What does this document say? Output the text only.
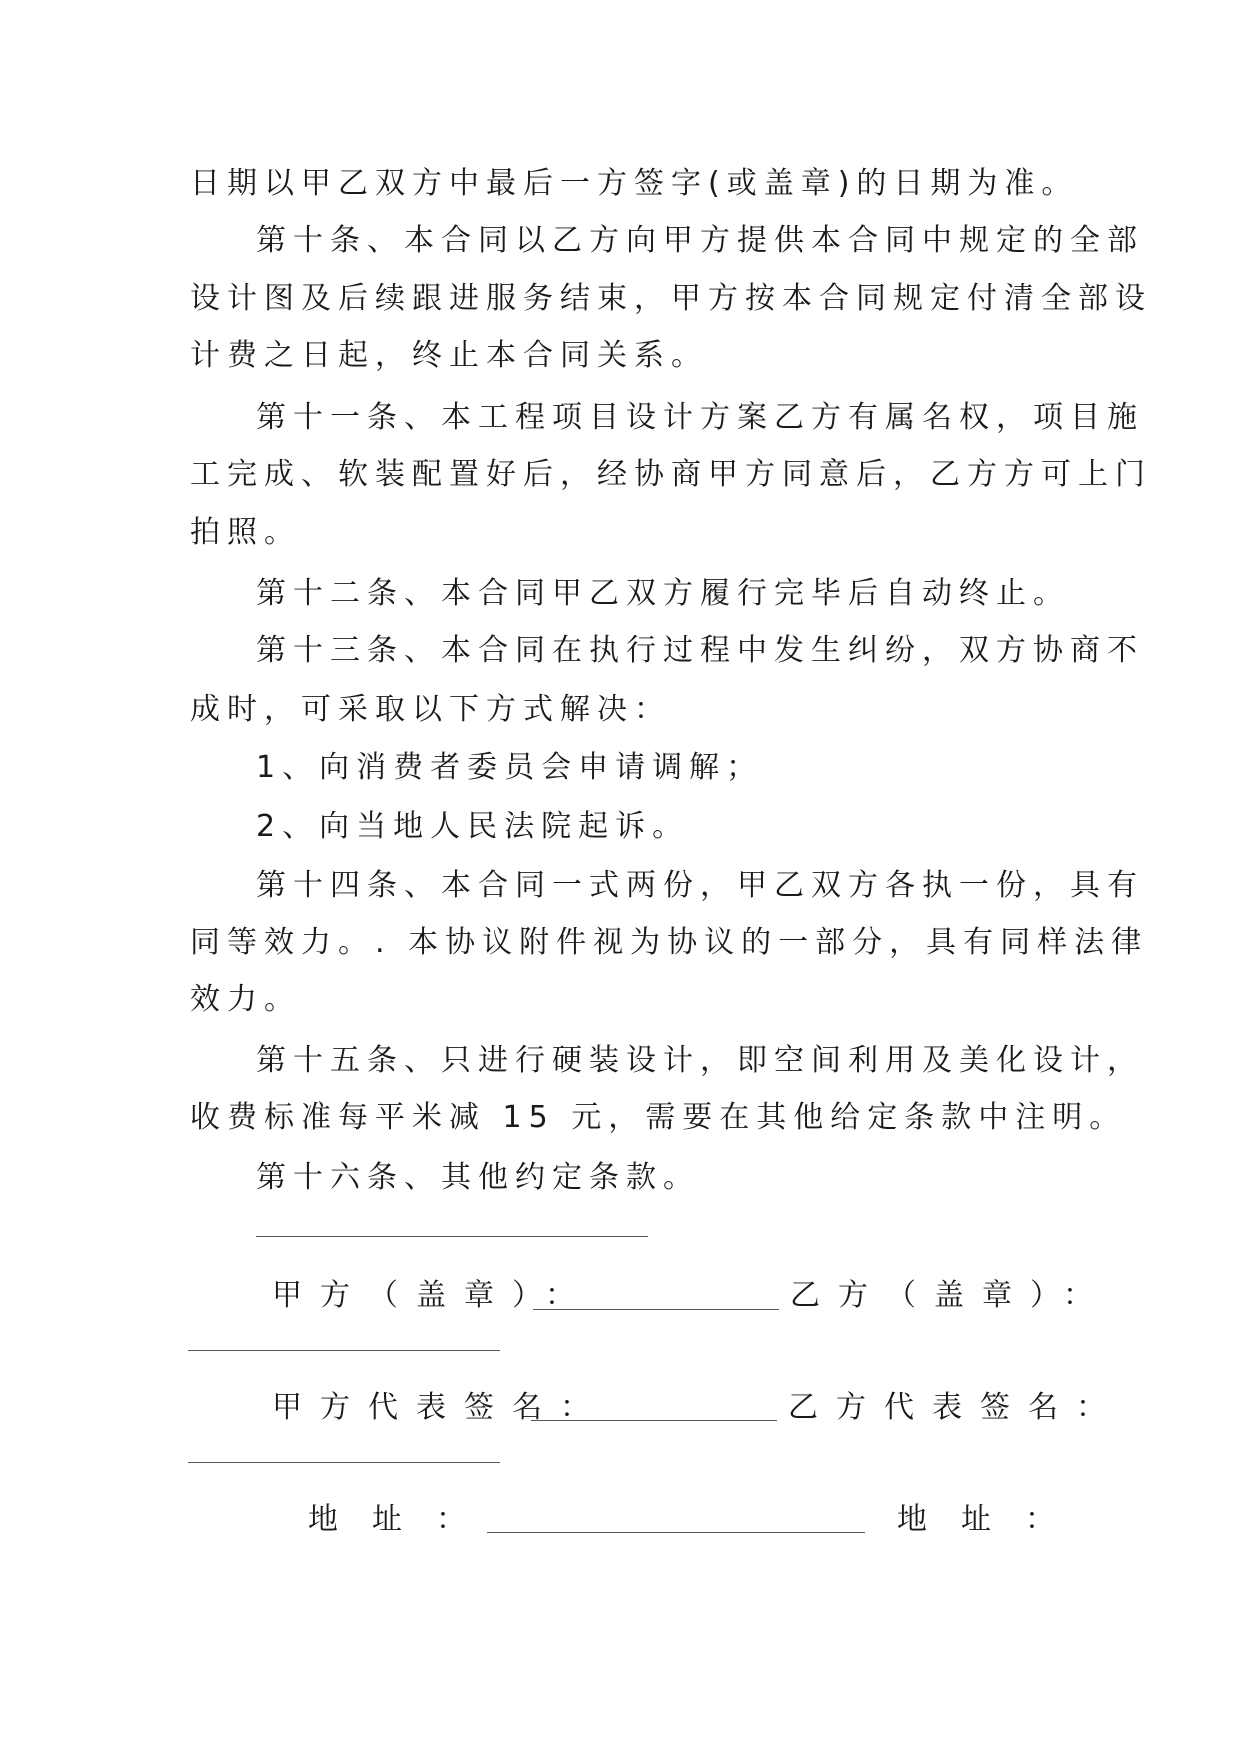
日期以甲乙双方中最后一方签字(或盖章)的日期为准。
第十条、本合同以乙方向甲方提供本合同中规定的全部
设计图及后续跟进服务结束，甲方按本合同规定付清全部设
计费之日起，终止本合同关系。
第十一条、本工程项目设计方案乙方有属名权，项目施
工完成、软装配置好后，经协商甲方同意后，乙方方可上门
拍照。
第十二条、本合同甲乙双方履行完毕后自动终止。
第十三条、本合同在执行过程中发生纠纷，双方协商不
成时，可采取以下方式解决：
1、向消费者委员会申请调解；
2、向当地人民法院起诉。
第十四条、本合同一式两份，甲乙双方各执一份，具有
同等效力。. 本协议附件视为协议的一部分，具有同样法律
效力。
第十五条、只进行硬装设计，即空间利用及美化设计，
收费标准每平米减 15 元，需要在其他给定条款中注明。
第十六条、其他约定条款。
甲方（盖章）：	乙方（盖章）：
甲方代表签名：	乙方代表签名：
地址：	地址：
